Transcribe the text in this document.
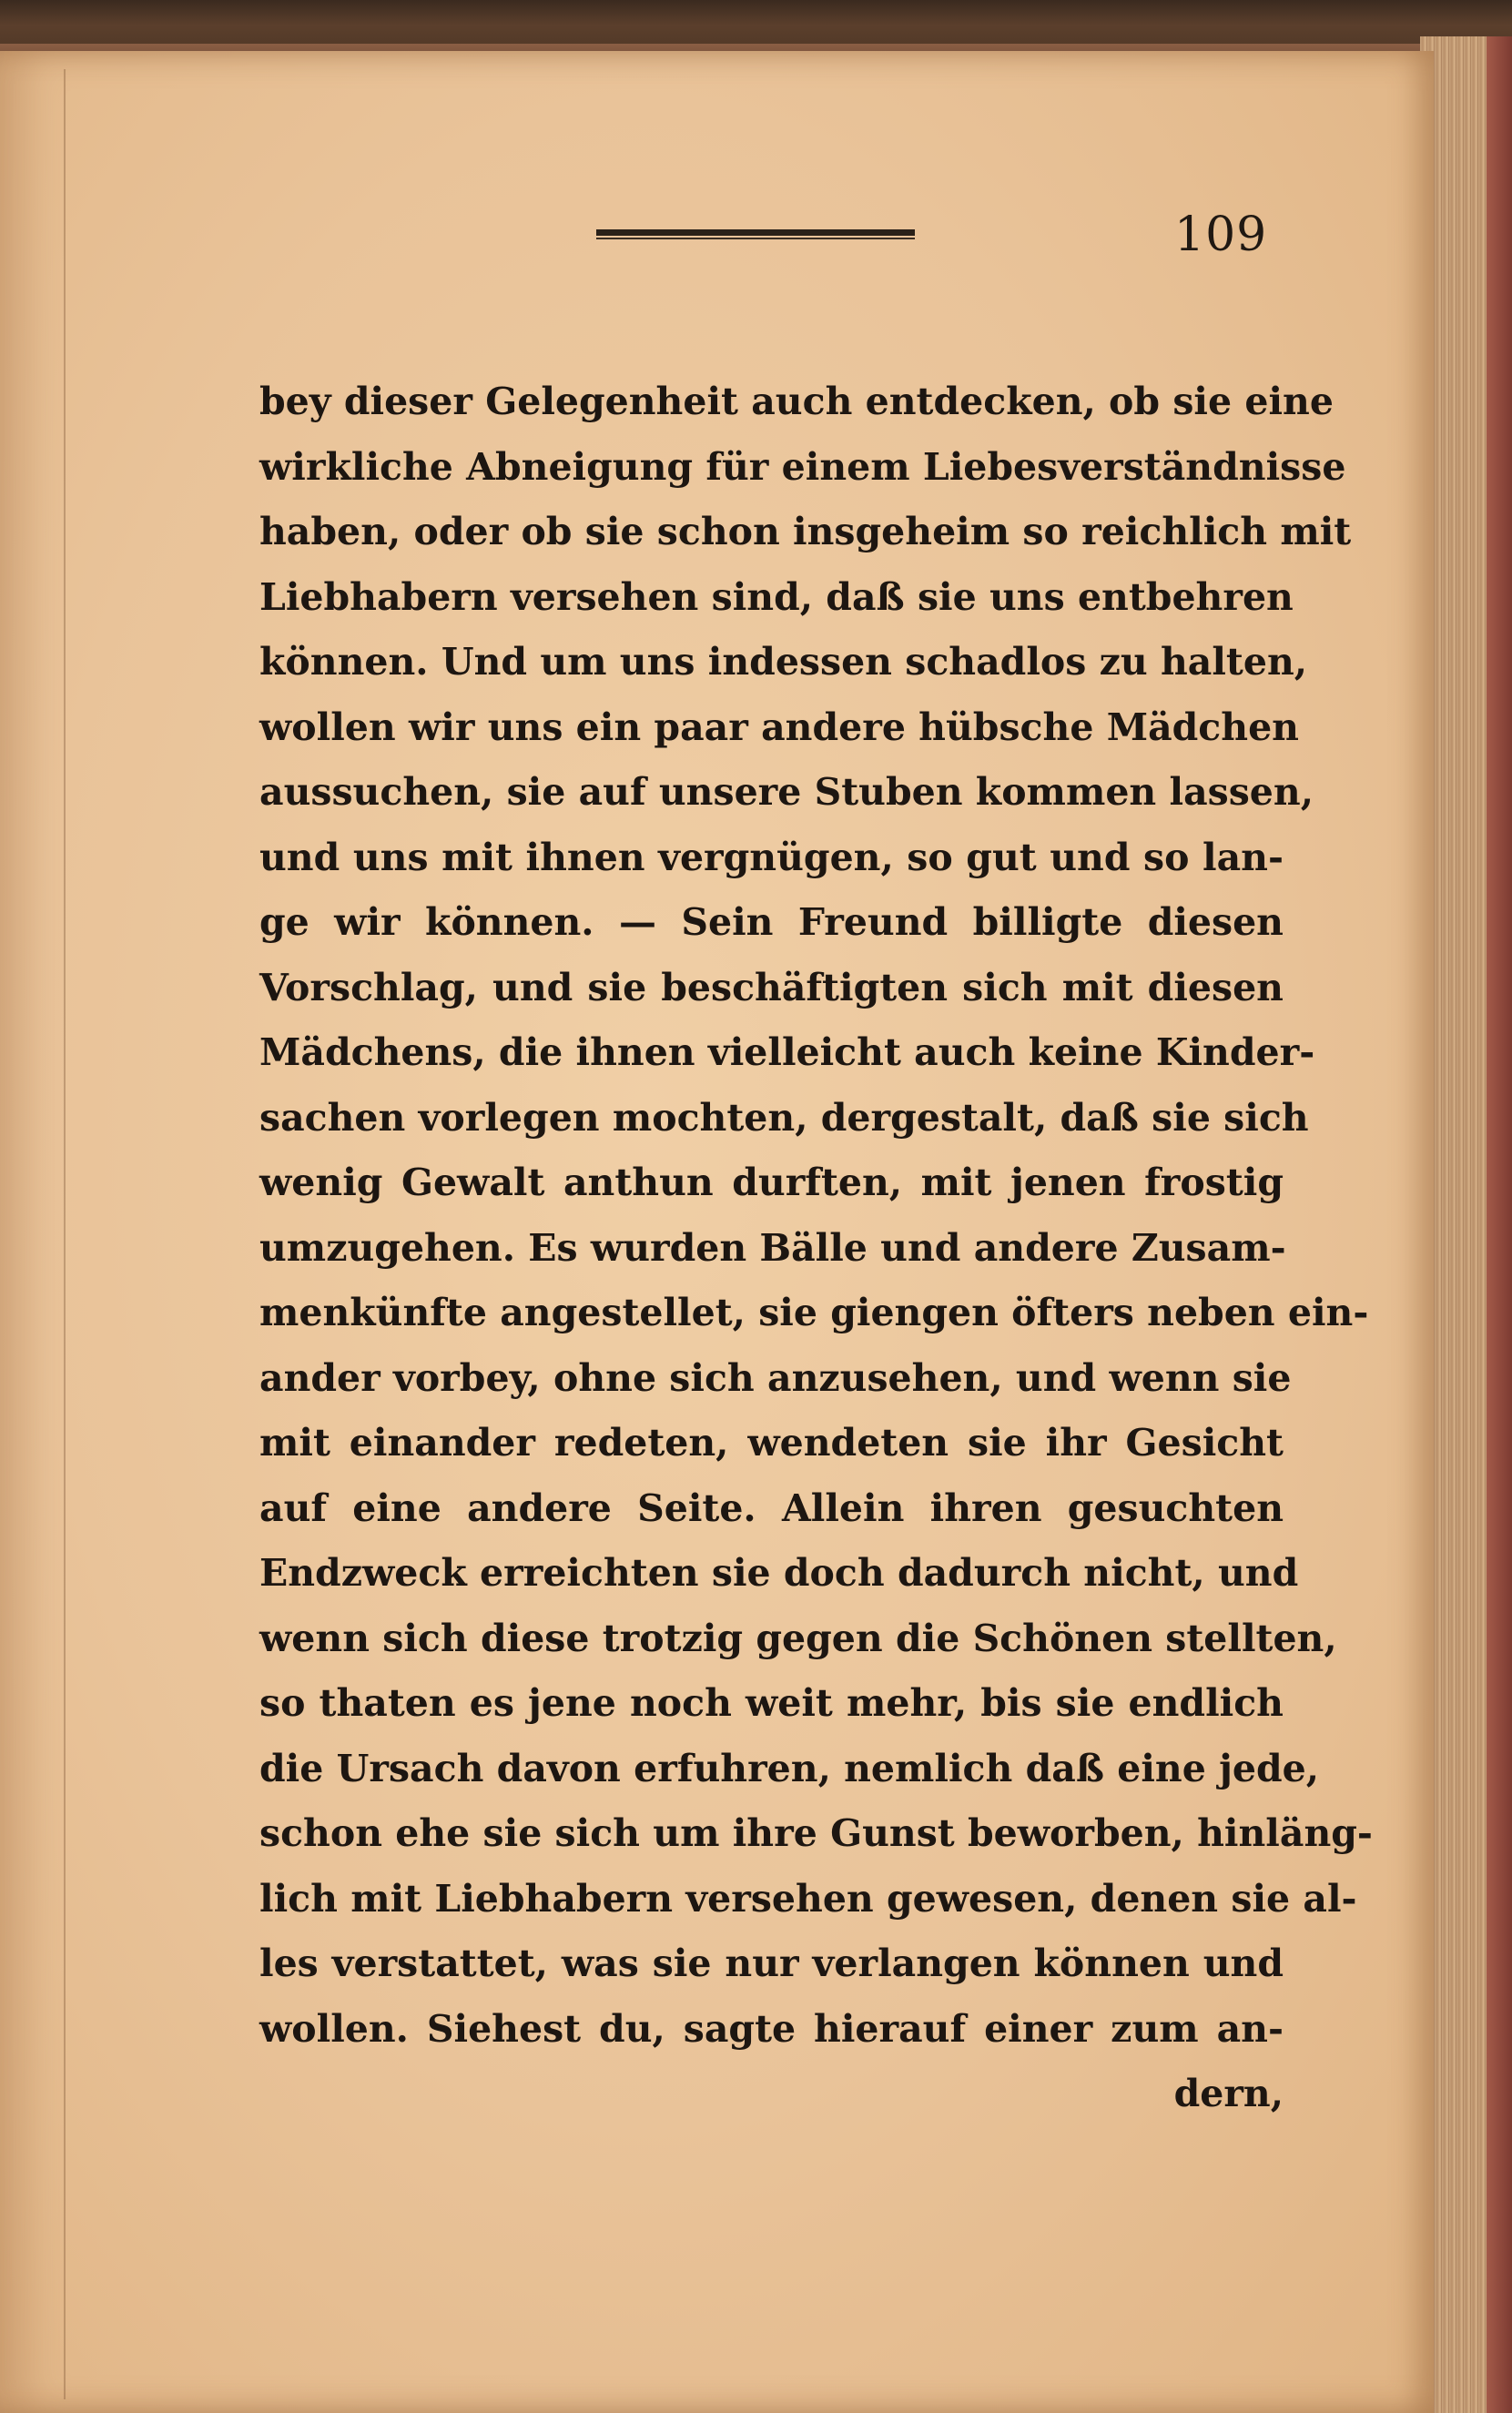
109
bey dieser Gelegenheit auch entdecken, ob sie eine
wirkliche Abneigung für einem Liebesverständnisse
haben, oder ob sie schon insgeheim so reichlich mit
Liebhabern versehen sind, daß sie uns entbehren
können. Und um uns indessen schadlos zu halten,
wollen wir uns ein paar andere hübsche Mädchen
aussuchen, sie auf unsere Stuben kommen lassen,
und uns mit ihnen vergnügen, so gut und so lan-
ge wir können. — Sein Freund billigte diesen
Vorschlag, und sie beschäftigten sich mit diesen
Mädchens, die ihnen vielleicht auch keine Kinder-
sachen vorlegen mochten, dergestalt, daß sie sich
wenig Gewalt anthun durften, mit jenen frostig
umzugehen. Es wurden Bälle und andere Zusam-
menkünfte angestellet, sie giengen öfters neben ein-
ander vorbey, ohne sich anzusehen, und wenn sie
mit einander redeten, wendeten sie ihr Gesicht
auf eine andere Seite. Allein ihren gesuchten
Endzweck erreichten sie doch dadurch nicht, und
wenn sich diese trotzig gegen die Schönen stellten,
so thaten es jene noch weit mehr, bis sie endlich
die Ursach davon erfuhren, nemlich daß eine jede,
schon ehe sie sich um ihre Gunst beworben, hinläng-
lich mit Liebhabern versehen gewesen, denen sie al-
les verstattet, was sie nur verlangen können und
wollen. Siehest du, sagte hierauf einer zum an-
dern,
